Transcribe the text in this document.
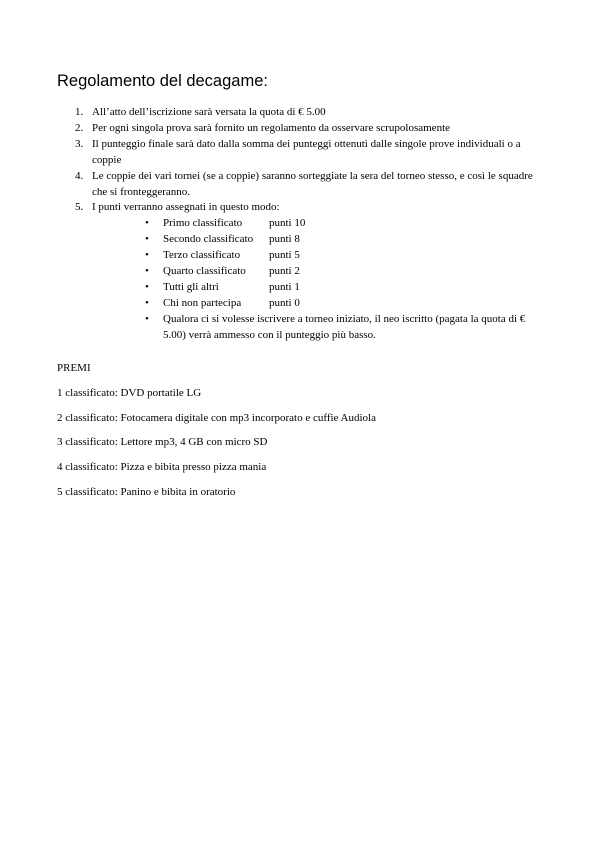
Regolamento del decagame:
1. All’atto dell’iscrizione sarà versata la quota di € 5.00
2. Per ogni singola prova sarà fornito un regolamento da osservare scrupolosamente
3. Il punteggio finale sarà dato dalla somma dei punteggi ottenuti dalle singole prove individuali o a coppie
4. Le coppie dei vari tornei (se a coppie) saranno sorteggiate la sera del torneo stesso, e così le squadre che si fronteggeranno.
5. I punti verranno assegnati in questo modo:
• Primo classificato punti 10
• Secondo classificato punti 8
• Terzo classificato	punti 5
• Quarto classificato punti 2
• Tutti gli altri	punti 1
• Chi non partecipa	punti 0
• Qualora ci si volesse iscrivere a torneo iniziato, il neo iscritto (pagata la quota di € 5.00) verrà ammesso con il punteggio più basso.

PREMI

1 classificato: DVD portatile LG

2 classificato: Fotocamera digitale con mp3 incorporato e cuffie Audiola

3 classificato: Lettore mp3, 4 GB con micro SD

4 classificato: Pizza e bibita presso pizza mania

5 classificato: Panino e bibita in oratorio
